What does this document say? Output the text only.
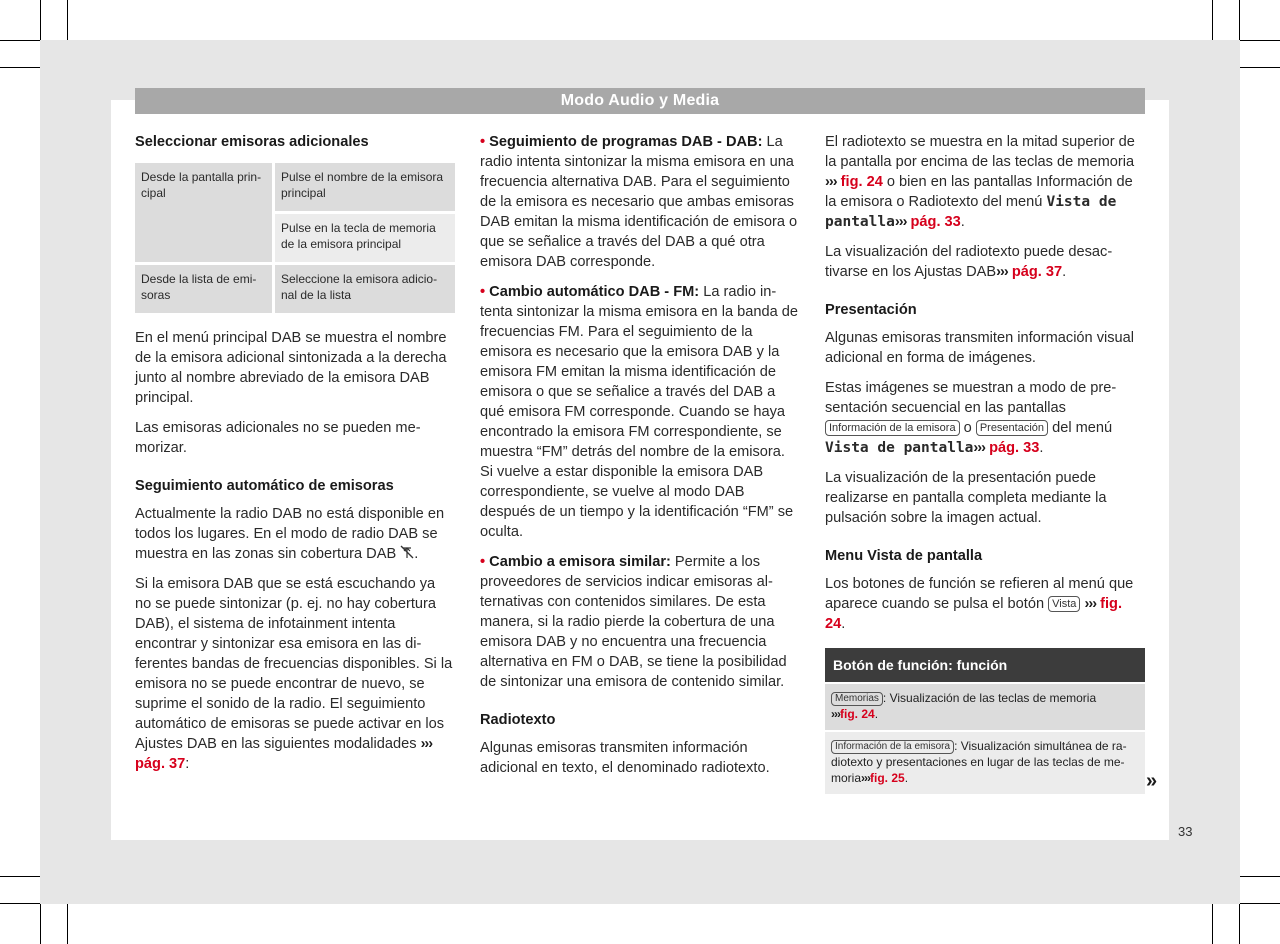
Modo Audio y Media
Seleccionar emisoras adicionales
Desde la pantalla principal	Pulse el nombre de la emisora principal
	Pulse en la tecla de memoria de la emisora principal
Desde la lista de emisoras	Seleccione la emisora adicional de la lista

En el menú principal DAB se muestra el nombre de la emisora adicional sintonizada a la derecha junto al nombre abreviado de la emisora DAB principal.

Las emisoras adicionales no se pueden memorizar.

Seguimiento automático de emisoras

Actualmente la radio DAB no está disponible en todos los lugares. En el modo de radio DAB se muestra en las zonas sin cobertura DAB .

Si la emisora DAB que se está escuchando ya no se puede sintonizar (p. ej. no hay cobertura DAB), el sistema de infotainment intenta encontrar y sintonizar esa emisora en las diferentes bandas de frecuencias disponibles. Si la emisora no se puede encontrar de nuevo, se suprime el sonido de la radio. El seguimiento automático de emisoras se puede activar en los Ajustes DAB en las siguientes modalidades ››› pág. 37:

• Seguimiento de programas DAB - DAB: La radio intenta sintonizar la misma emisora en una frecuencia alternativa DAB. Para el seguimiento de la emisora es necesario que ambas emisoras DAB emitan la misma identificación de emisora o que se señalice a través del DAB a qué otra emisora DAB corresponde.

• Cambio automático DAB - FM: La radio intenta sintonizar la misma emisora en la banda de frecuencias FM. Para el seguimiento de la emisora es necesario que la emisora DAB y la emisora FM emitan la misma identificación de emisora o que se señalice a través del DAB a qué emisora FM corresponde. Cuando se haya encontrado la emisora FM correspondiente, se muestra “FM” detrás del nombre de la emisora. Si vuelve a estar disponible la emisora DAB correspondiente, se vuelve al modo DAB después de un tiempo y la identificación “FM” se oculta.

• Cambio a emisora similar: Permite a los proveedores de servicios indicar emisoras alternativas con contenidos similares. De esta manera, si la radio pierde la cobertura de una emisora DAB y no encuentra una frecuencia alternativa en FM o DAB, se tiene la posibilidad de sintonizar una emisora de contenido similar.

Radiotexto

Algunas emisoras transmiten información adicional en texto, el denominado radiotexto.

El radiotexto se muestra en la mitad superior de la pantalla por encima de las teclas de memoria ››› fig. 24 o bien en las pantallas Información de la emisora o Radiotexto del menú Vista de pantalla››› pág. 33.

La visualización del radiotexto puede desactivarse en los Ajustas DAB››› pág. 37.

Presentación

Algunas emisoras transmiten información visual adicional en forma de imágenes.

Estas imágenes se muestran a modo de presentación secuencial en las pantallas Información de la emisora o Presentación del menú Vista de pantalla››› pág. 33.

La visualización de la presentación puede realizarse en pantalla completa mediante la pulsación sobre la imagen actual.

Menu Vista de pantalla

Los botones de función se refieren al menú que aparece cuando se pulsa el botón Vista ››› fig. 24.

Botón de función: función
Memorias : Visualización de las teclas de memoria
›››fig. 24.
Información de la emisora : Visualización simultánea de radiotexto y presentaciones en lugar de las teclas de memoria›››fig. 25.	»
33
